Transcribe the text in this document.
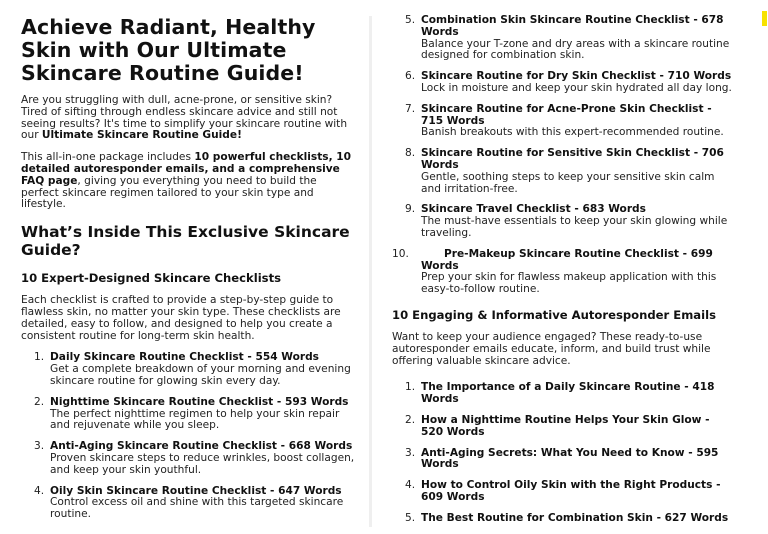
Achieve Radiant, Healthy Skin with Our Ultimate Skincare Routine Guide!

Are you struggling with dull, acne-prone, or sensitive skin? Tired of sifting through endless skincare advice and still not seeing results? It's time to simplify your skincare routine with our Ultimate Skincare Routine Guide!

This all-in-one package includes 10 powerful checklists, 10 detailed autoresponder emails, and a comprehensive FAQ page, giving you everything you need to build the perfect skincare regimen tailored to your skin type and lifestyle.

What’s Inside This Exclusive Skincare Guide?
10 Expert-Designed Skincare Checklists

Each checklist is crafted to provide a step-by-step guide to flawless skin, no matter your skin type. These checklists are detailed, easy to follow, and designed to help you create a consistent routine for long-term skin health.

1. Daily Skincare Routine Checklist - 554 Words
Get a complete breakdown of your morning and evening skincare routine for glowing skin every day.
2. Nighttime Skincare Routine Checklist - 593 Words
The perfect nighttime regimen to help your skin repair and rejuvenate while you sleep.
3. Anti-Aging Skincare Routine Checklist - 668 Words
Proven skincare steps to reduce wrinkles, boost collagen, and keep your skin youthful.
4. Oily Skin Skincare Routine Checklist - 647 Words
Control excess oil and shine with this targeted skincare routine.
5. Combination Skin Skincare Routine Checklist - 678 Words
Balance your T-zone and dry areas with a skincare routine designed for combination skin.
6. Skincare Routine for Dry Skin Checklist - 710 Words
Lock in moisture and keep your skin hydrated all day long.
7. Skincare Routine for Acne-Prone Skin Checklist - 715 Words
Banish breakouts with this expert-recommended routine.
8. Skincare Routine for Sensitive Skin Checklist - 706 Words
Gentle, soothing steps to keep your sensitive skin calm and irritation-free.
9. Skincare Travel Checklist - 683 Words
The must-have essentials to keep your skin glowing while traveling.
10.	Pre-Makeup Skincare Routine Checklist - 699 Words
Prep your skin for flawless makeup application with this easy-to-follow routine.
10 Engaging & Informative Autoresponder Emails

Want to keep your audience engaged? These ready-to-use autoresponder emails educate, inform, and build trust while offering valuable skincare advice.

1. The Importance of a Daily Skincare Routine - 418 Words
2. How a Nighttime Routine Helps Your Skin Glow - 520 Words
3. Anti-Aging Secrets: What You Need to Know - 595 Words
4. How to Control Oily Skin with the Right Products - 609 Words
5. The Best Routine for Combination Skin - 627 Words
